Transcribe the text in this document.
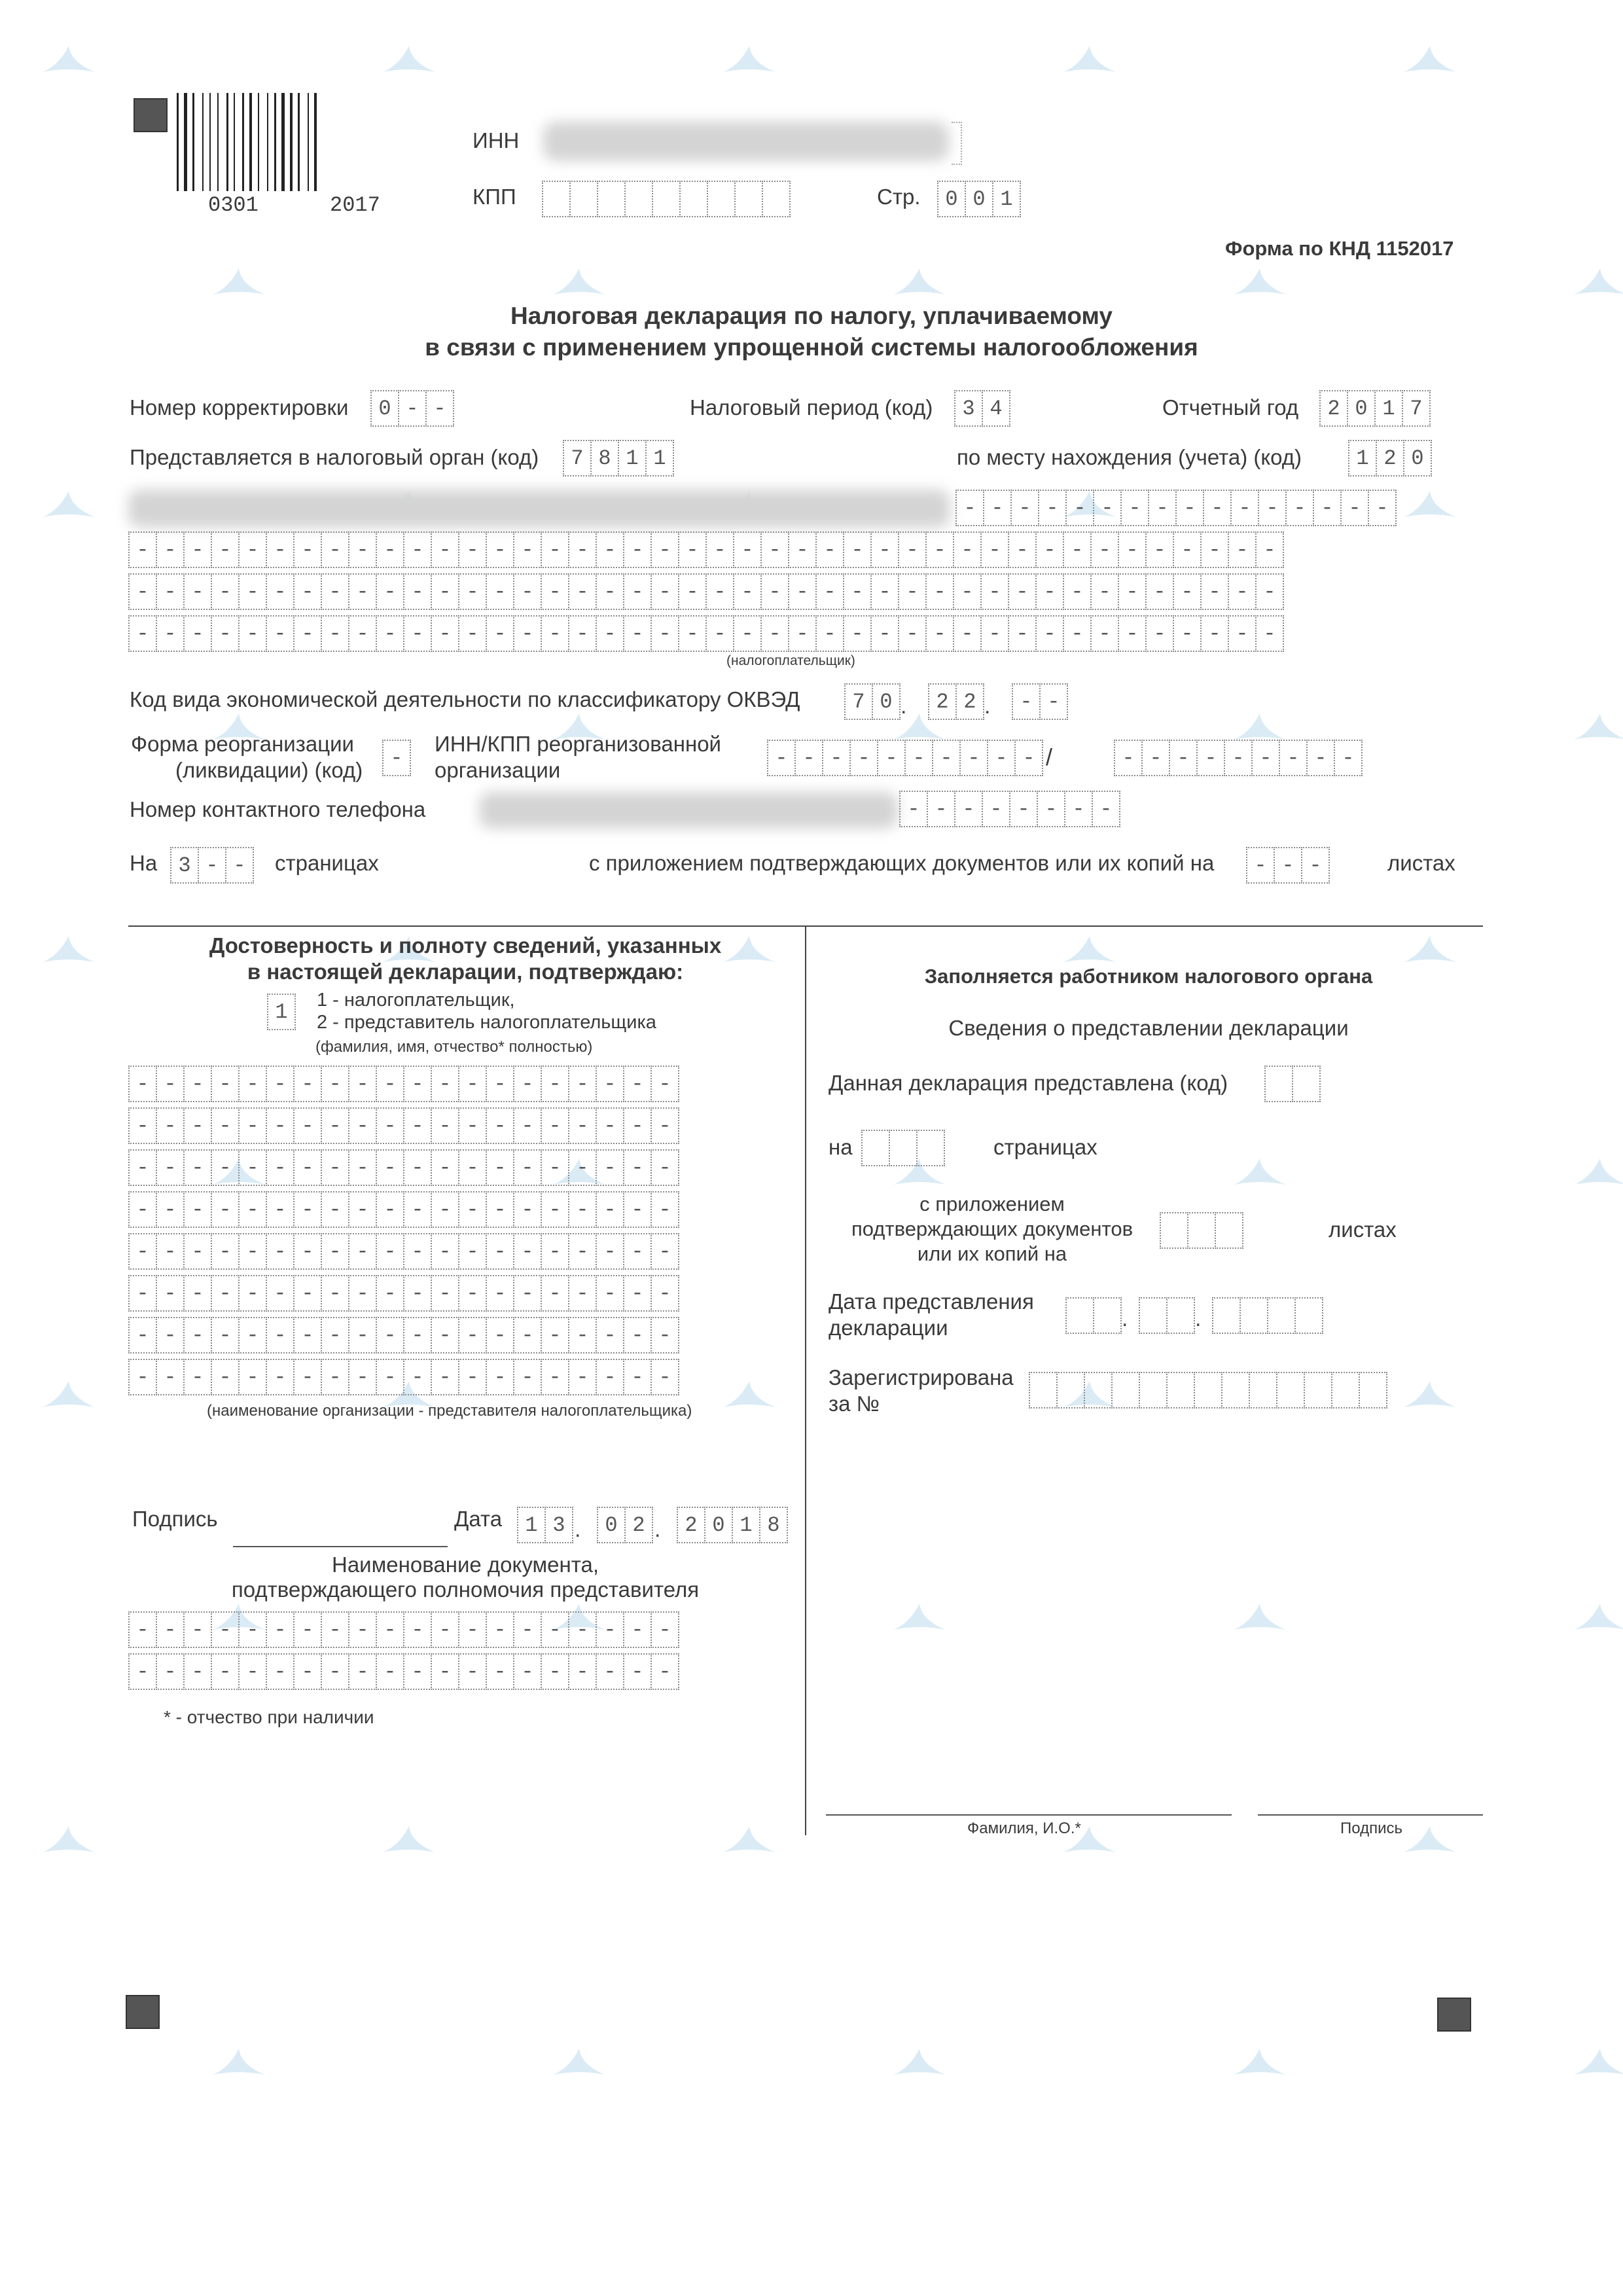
0301	2017
ИНН
КПП	Стр.	0 0 1
Форма по КНД 1152017
Налоговая декларация по налогу, уплачиваемому
в связи с применением упрощенной системы налогообложения
Номер корректировки	0 - -	Налоговый период (код)	3 4	Отчетный год	2 0 1 7
Представляется в налоговый орган (код)	7 8 1 1	по месту нахождения (учета) (код)	1 2 0
- - - - - - - - - - - - - - - -
- - - - - - - - - - - - - - - - - - - - - - - - - - - - - - - - - - - - - - - - - -
- - - - - - - - - - - - - - - - - - - - - - - - - - - - - - - - - - - - - - - - - -
- - - - - - - - - - - - - - - - - - - - - - - - - - - - - - - - - - - - - - - - - -
(налогоплательщик)
Код вида экономической деятельности по классификатору ОКВЭД	7 0 .	2 2 .	- -
Форма реорганизации
(ликвидации) (код)	-
ИНН/КПП реорганизованной
организации	- - - - - - - - - - /	- - - - - - - - -
Номер контактного телефона	- - - - - - - -
На	3 - -	страницах	с приложением подтверждающих документов или их копий на	- - -	листах
Достоверность и полноту сведений, указанных
в настоящей декларации, подтверждаю:
1	1 - налогоплательщик,
2 - представитель налогоплательщика
(фамилия, имя, отчество* полностью)
- - - - - - - - - - - - - - - - - - - -
- - - - - - - - - - - - - - - - - - - -
- - - - - - - - - - - - - - - - - - - -
- - - - - - - - - - - - - - - - - - - -
- - - - - - - - - - - - - - - - - - - -
- - - - - - - - - - - - - - - - - - - -
- - - - - - - - - - - - - - - - - - - -
- - - - - - - - - - - - - - - - - - - -
(наименование организации - представителя налогоплательщика)
Подпись	Дата	1 3 .	0 2 .	2 0 1 8
Наименование документа,
подтверждающего полномочия представителя
- - - - - - - - - - - - - - - - - - - -
- - - - - - - - - - - - - - - - - - - -
* - отчество при наличии
Заполняется работником налогового органа
Сведения о представлении декларации
Данная декларация представлена (код)
на	страницах
с приложением
подтверждающих документов
или их копий на
листах
Дата представления
декларации	.	.
Зарегистрирована
за №
Фамилия, И.О.*	Подпись
